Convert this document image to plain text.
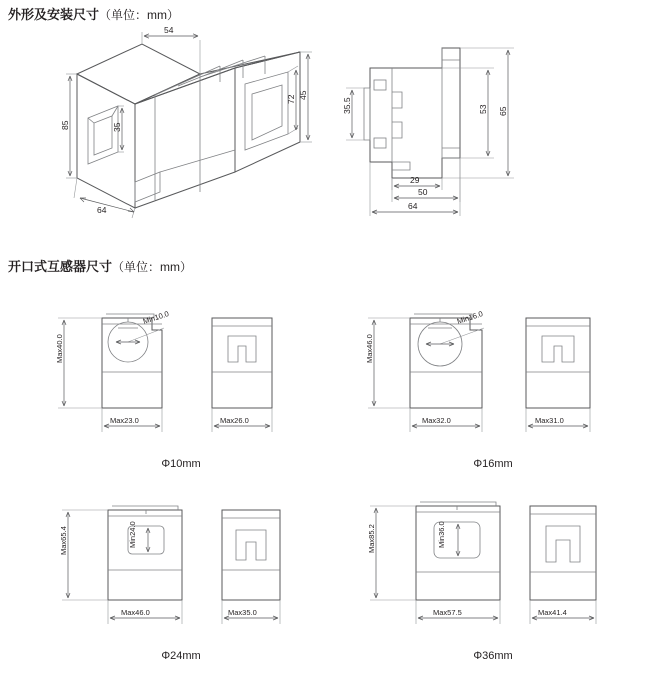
外形及安装尺寸（单位：mm）
54
85	35
45
72
64
35.5	53 65
29
50
64
开口式互感器尺寸（单位：mm）
Min10.0
Max40.0
Max23.0	Max26.0
Φ10mm
Min16.0
Max46.0
Max32.0	Max31.0
Φ16mm
Min24.0
Max65.4
Max46.0	Max35.0
Φ24mm
Min36.0
Max85.2
Max57.5	Max41.4
Φ36mm
